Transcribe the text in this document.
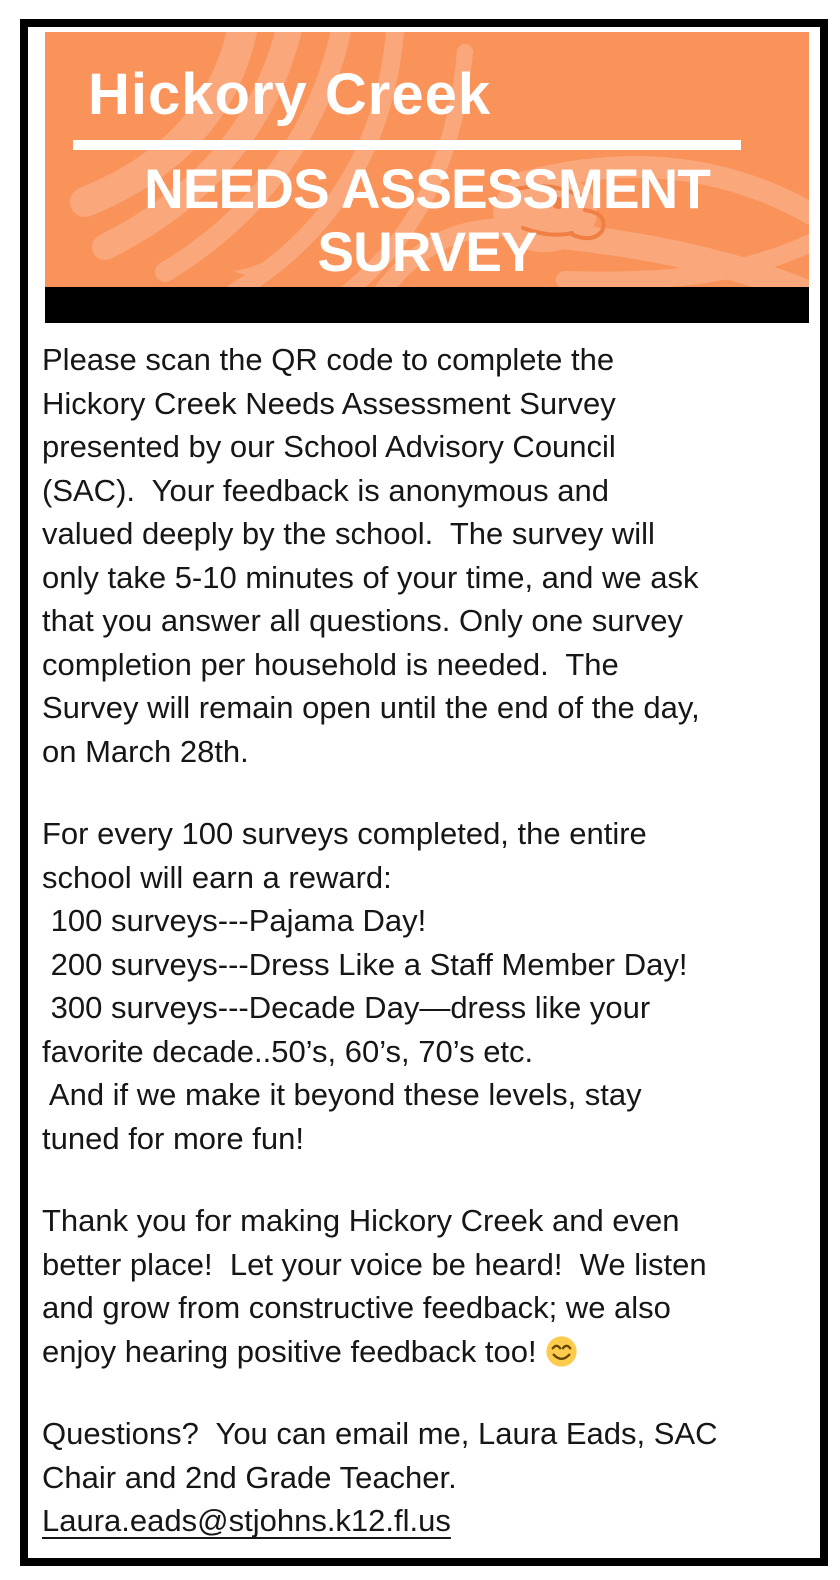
Hickory Creek
NEEDS ASSESSMENT
SURVEY
Please scan the QR code to complete the
Hickory Creek Needs Assessment Survey
presented by our School Advisory Council
(SAC).  Your feedback is anonymous and
valued deeply by the school.  The survey will
only take 5-10 minutes of your time, and we ask
that you answer all questions. Only one survey
completion per household is needed.  The
Survey will remain open until the end of the day,
on March 28th.
For every 100 surveys completed, the entire
school will earn a reward:
100 surveys---Pajama Day!
200 surveys---Dress Like a Staff Member Day!
300 surveys---Decade Day—dress like your
favorite decade..50’s, 60’s, 70’s etc.
And if we make it beyond these levels, stay
tuned for more fun!
Thank you for making Hickory Creek and even
better place!  Let your voice be heard!  We listen
and grow from constructive feedback; we also
enjoy hearing positive feedback too!
Questions?  You can email me, Laura Eads, SAC
Chair and 2nd Grade Teacher.
Laura.eads@stjohns.k12.fl.us
